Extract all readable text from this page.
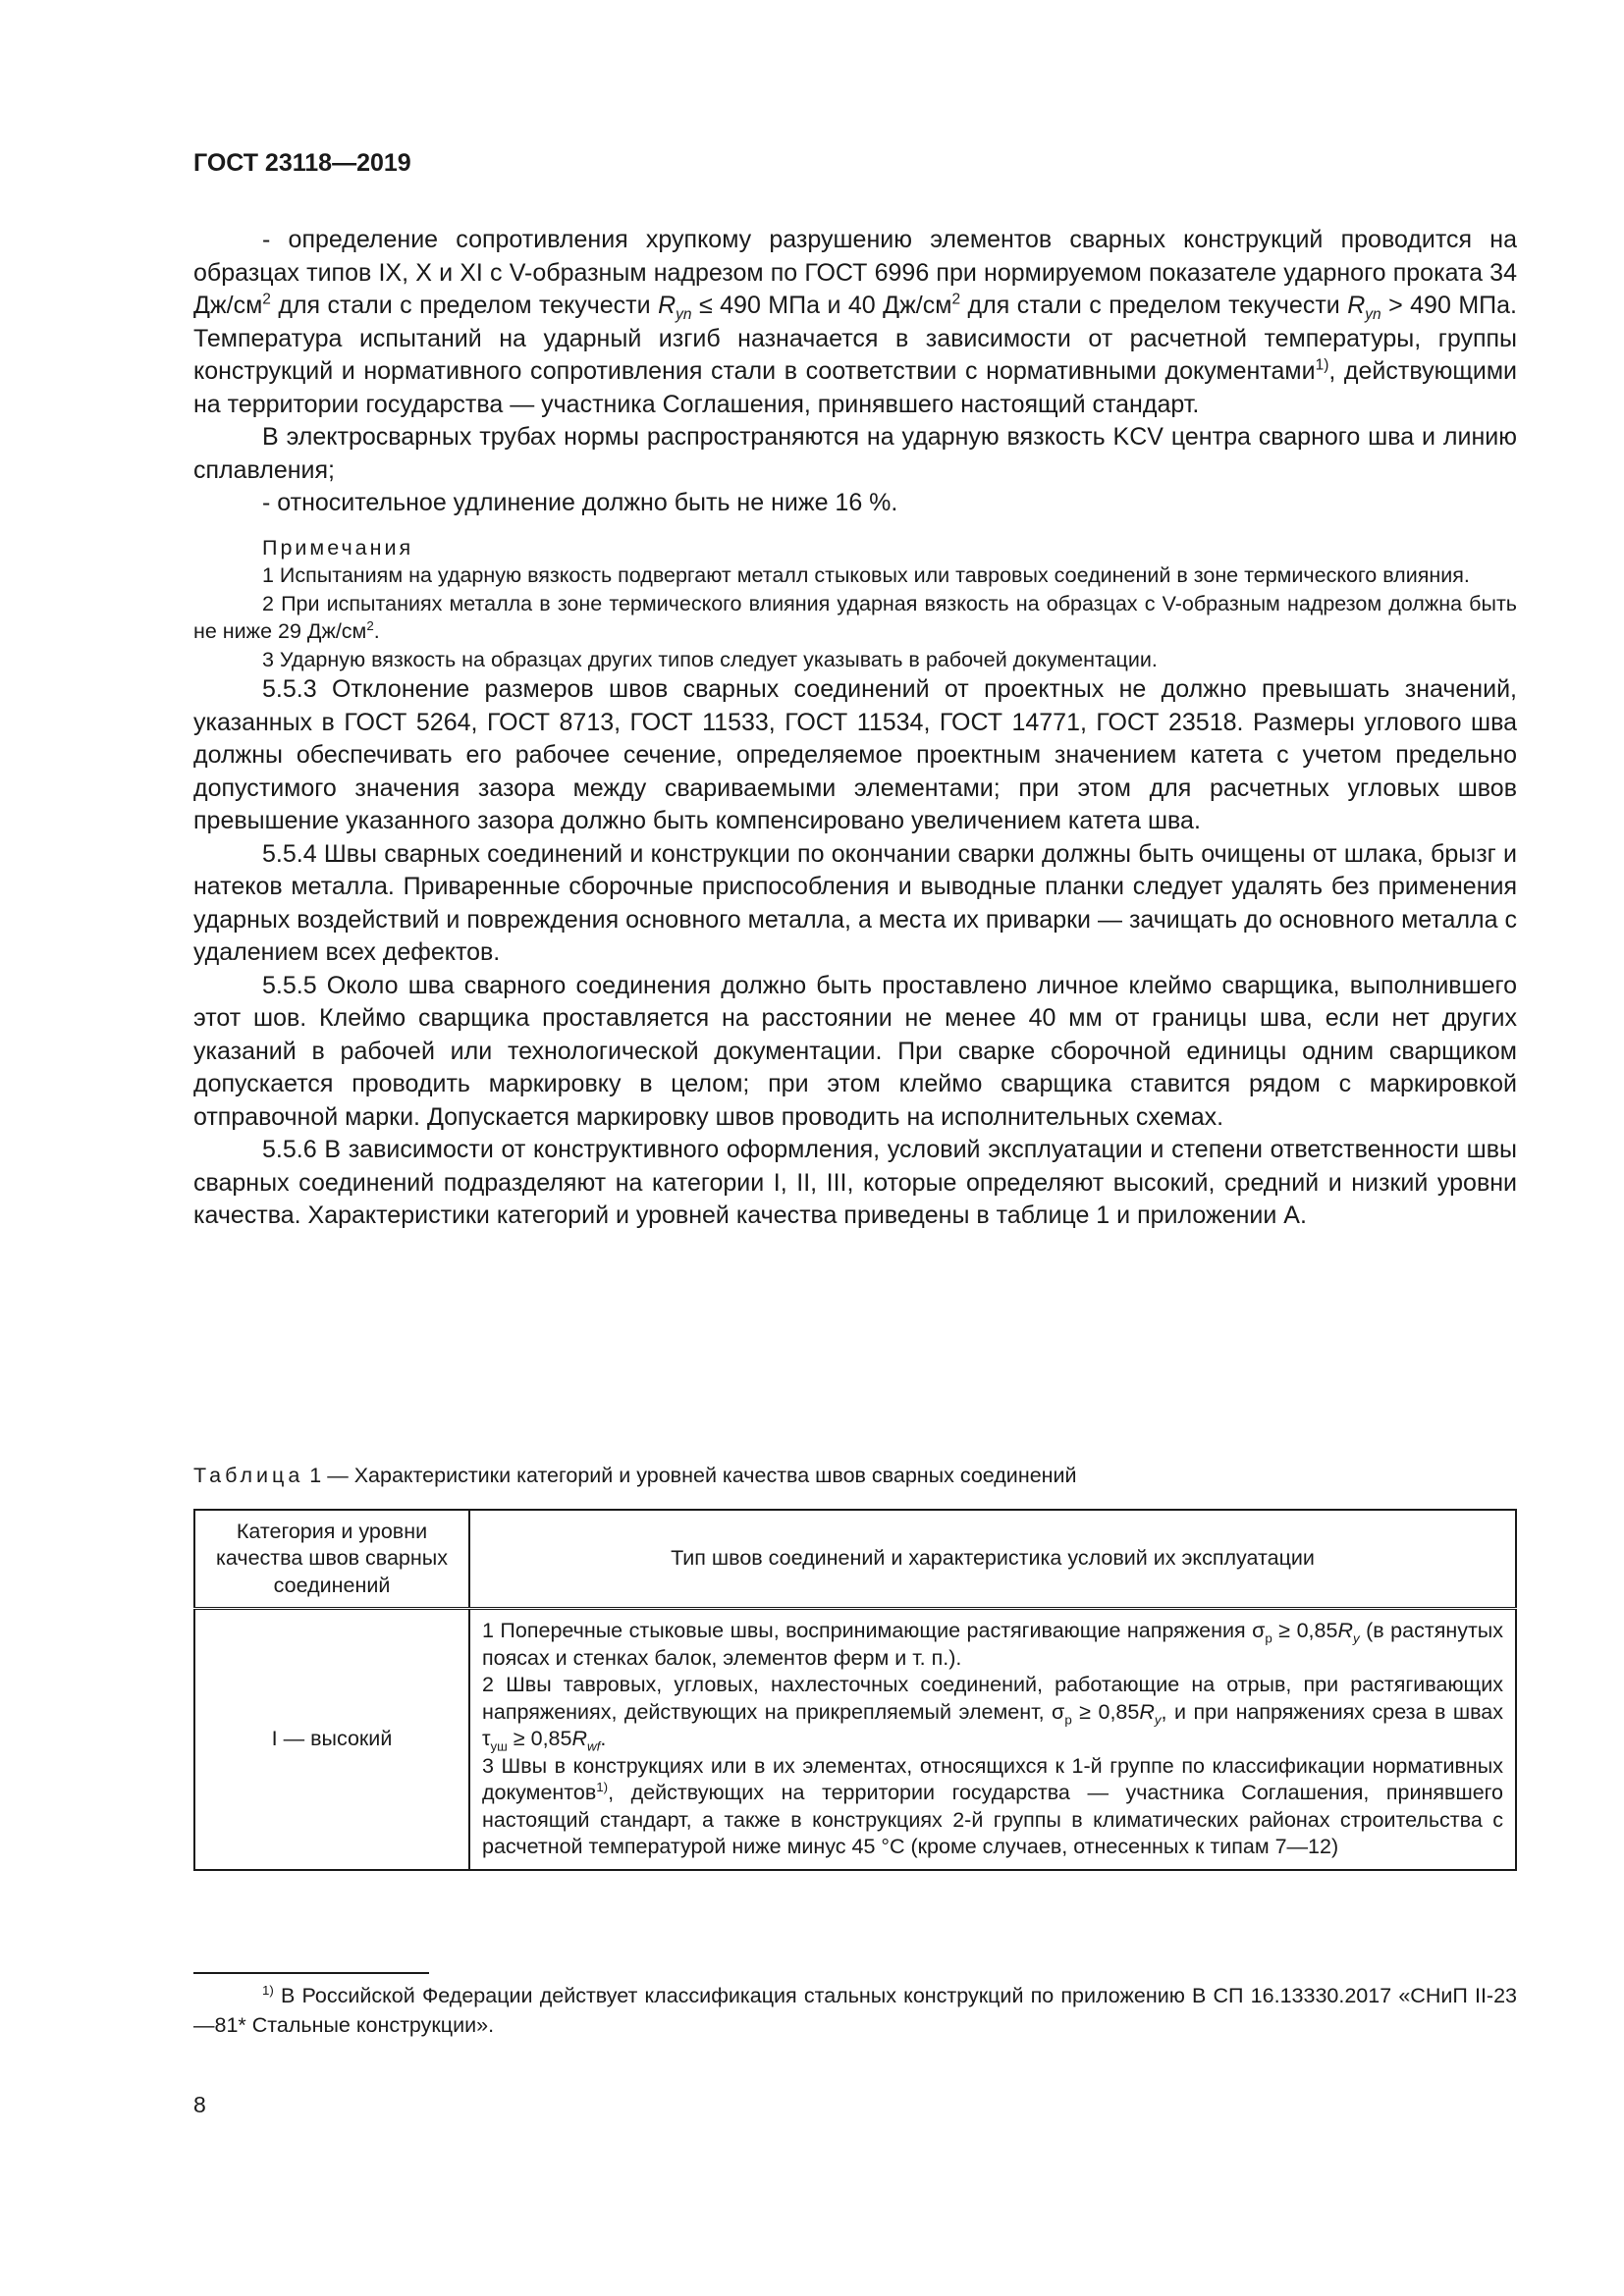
ГОСТ 23118—2019

- определение сопротивления хрупкому разрушению элементов сварных конструкций проводится на образцах типов IX, X и XI с V-образным надрезом по ГОСТ 6996 при нормируемом показателе ударного проката 34 $Дж/см^2$ для стали с пределом текучести $R_{yn} \le 490$ МПа и 40 $Дж/см^2$ для стали с пределом текучести $R_{yn} > 490$ МПа. Температура испытаний на ударный изгиб назначается в зависимости от расчетной температуры, группы конструкций и нормативного сопротивления стали в соответствии с нормативными документами$^{1)}$, действующими на территории государства — участника Соглашения, принявшего настоящий стандарт.

В электросварных трубах нормы распространяются на ударную вязкость KCV центра сварного шва и линию сплавления;

- относительное удлинение должно быть не ниже 16 %.

Примечания

1 Испытаниям на ударную вязкость подвергают металл стыковых или тавровых соединений в зоне термического влияния.

2 При испытаниях металла в зоне термического влияния ударная вязкость на образцах с V-образным надрезом должна быть не ниже 29 $Дж/см^2$.

3 Ударную вязкость на образцах других типов следует указывать в рабочей документации.

5.5.3 Отклонение размеров швов сварных соединений от проектных не должно превышать значений, указанных в ГОСТ 5264, ГОСТ 8713, ГОСТ 11533, ГОСТ 11534, ГОСТ 14771, ГОСТ 23518. Размеры углового шва должны обеспечивать его рабочее сечение, определяемое проектным значением катета с учетом предельно допустимого значения зазора между свариваемыми элементами; при этом для расчетных угловых швов превышение указанного зазора должно быть компенсировано увеличением катета шва.

5.5.4 Швы сварных соединений и конструкции по окончании сварки должны быть очищены от шлака, брызг и натеков металла. Приваренные сборочные приспособления и выводные планки следует удалять без применения ударных воздействий и повреждения основного металла, а места их приварки — зачищать до основного металла с удалением всех дефектов.

5.5.5 Около шва сварного соединения должно быть проставлено личное клеймо сварщика, выполнившего этот шов. Клеймо сварщика проставляется на расстоянии не менее 40 мм от границы шва, если нет других указаний в рабочей или технологической документации. При сварке сборочной единицы одним сварщиком допускается проводить маркировку в целом; при этом клеймо сварщика ставится рядом с маркировкой отправочной марки. Допускается маркировку швов проводить на исполнительных схемах.

5.5.6 В зависимости от конструктивного оформления, условий эксплуатации и степени ответственности швы сварных соединений подразделяют на категории I, II, III, которые определяют высокий, средний и низкий уровни качества. Характеристики категорий и уровней качества приведены в таблице 1 и приложении А.

Таблица 1 — Характеристики категорий и уровней качества швов сварных соединений
Категория и уровни качества швов сварных соединений	Тип швов соединений и характеристика условий их эксплуатации
I — высокий	1 Поперечные стыковые швы, воспринимающие растягивающие напряжения $\sigma_р \ge 0,85R_y$ (в растянутых поясах и стенках балок, элементов ферм и т. п.).
2 Швы тавровых, угловых, нахлесточных соединений, работающие на отрыв, при растягивающих напряжениях, действующих на прикрепляемый элемент, $\sigma_р \ge 0,85R_y$, и при напряжениях среза в швах $\tau_{уш} \ge 0,85R_{wf}$.
3 Швы в конструкциях или в их элементах, относящихся к 1-й группе по классификации нормативных документов$^{1)}$, действующих на территории государства — участника Соглашения, принявшего настоящий стандарт, а также в конструкциях 2-й группы в климатических районах строительства с расчетной температурой ниже минус 45 °С (кроме случаев, отнесенных к типам 7—12)
$^{1)}$ В Российской Федерации действует классификация стальных конструкций по приложению В СП 16.13330.2017 «СНиП II-23—81* Стальные конструкции».
8
